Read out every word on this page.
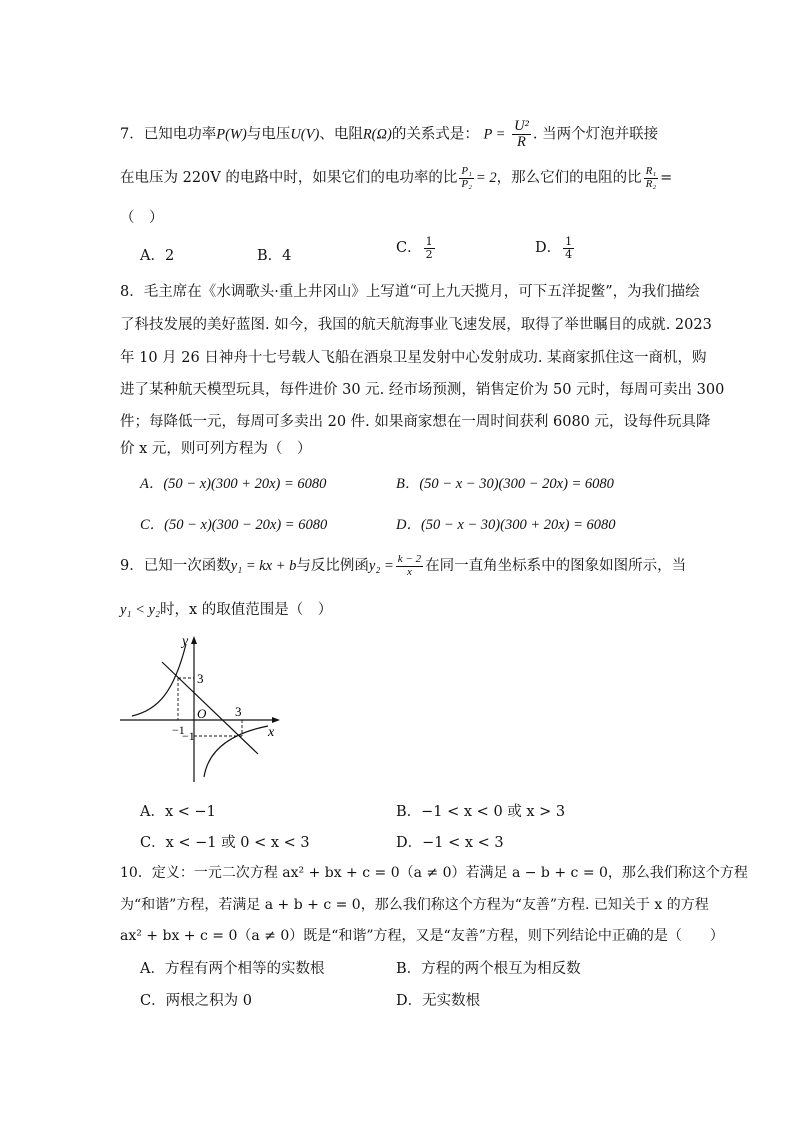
7．已知电功率P(W)与电压U(V)、电阻R(Ω)的关系式是： $P = \frac{\text{U²}}{R}$ . 当两个灯泡并联接
在电压为 220V 的电路中时，如果它们的电功率的比 $\frac{\text{P₁}}{\text{P₂}} = 2$，那么它们的电阻的比 $\frac{\text{R₁}}{\text{R₂}}$ =
（　）
A．2	B．4	C． $\frac{1}{2}$	D． $\frac{1}{4}$
8．毛主席在《水调歌头·重上井冈山》上写道“可上九天揽月，可下五洋捉鳖”，为我们描绘
了科技发展的美好蓝图. 如今，我国的航天航海事业飞速发展，取得了举世瞩目的成就. 2023
年 10 月 26 日神舟十七号载人飞船在酒泉卫星发射中心发射成功. 某商家抓住这一商机，购
进了某种航天模型玩具，每件进价 30 元. 经市场预测，销售定价为 50 元时，每周可卖出 300
件；每降低一元，每周可多卖出 20 件. 如果商家想在一周时间获利 6080 元，设每件玩具降
价 x 元，则可列方程为（　）
A．(50 − x)(300 + 20x) = 6080	B．(50 − x − 30)(300 − 20x) = 6080
C．(50 − x)(300 − 20x) = 6080	D．(50 − x − 30)(300 + 20x) = 6080
9．已知一次函数y₁ = kx + b与反比例函$y_2 = \frac{k - 2}{x}$ 在同一直角坐标系中的图象如图所示，当
y₁ < y₂时，x 的取值范围是（　）
y
x
O
3
3
−1
−1
A．x < −1	B．−1 < x < 0 或 x > 3
C．x < −1 或 0 < x < 3	D．−1 < x < 3
10．定义：一元二次方程 ax² + bx + c = 0（a ≠ 0）若满足 a − b + c = 0，那么我们称这个方程
为“和谐”方程，若满足 a + b + c = 0，那么我们称这个方程为“友善”方程. 已知关于 x 的方程
ax² + bx + c = 0（a ≠ 0）既是“和谐”方程，又是“友善”方程，则下列结论中正确的是（　　）
A．方程有两个相等的实数根	B．方程的两个根互为相反数
C．两根之积为 0	D．无实数根
